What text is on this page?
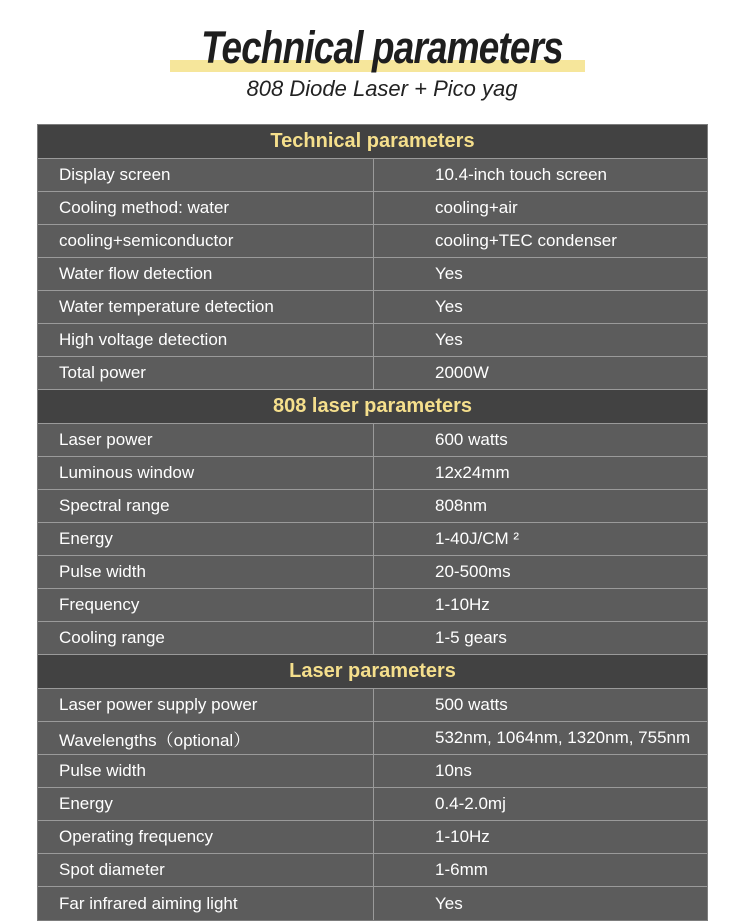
Technical parameters
808 Diode Laser + Pico yag
Technical parameters
Display screen	10.4-inch touch screen
Cooling method: water	cooling+air
cooling+semiconductor	cooling+TEC condenser
Water flow detection	Yes
Water temperature detection	Yes
High voltage detection	Yes
Total power	2000W
808 laser parameters
Laser power	600 watts
Luminous window	12x24mm
Spectral range	808nm
Energy	1-40J/CM ²
Pulse width	20-500ms
Frequency	1-10Hz
Cooling range	1-5 gears
Laser parameters
Laser power supply power	500 watts
Wavelengths（optional）	532nm, 1064nm, 1320nm, 755nm
Pulse width	10ns
Energy	0.4-2.0mj
Operating frequency	1-10Hz
Spot diameter	1-6mm
Far infrared aiming light	Yes
